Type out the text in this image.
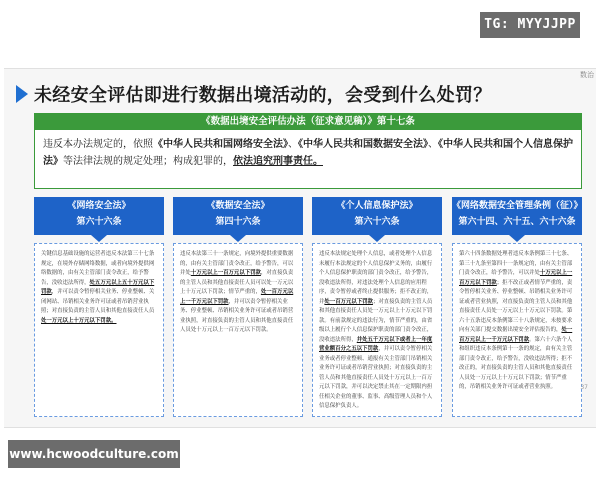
TG: MYYJJPP
数治
未经安全评估即进行数据出境活动的，会受到什么处罚？
《数据出境安全评估办法（征求意见稿）》第十七条
违反本办法规定的，依照《中华人民共和国网络安全法》、《中华人民共和国数据安全法》、《中华人民共和国个人信息保护法》等法律法规的规定处理；构成犯罪的，依法追究刑事责任。
《网络安全法》
第六十六条
关键信息基础设施的运营者违反本法第三十七条规定，在境外存储网络数据，或者向境外提供网络数据的，由有关主管部门责令改正，给予警告，没收违法所得，处五万元以上五十万元以下罚款，并可以责令暂停相关业务、停业整顿、关闭网站、吊销相关业务许可证或者吊销营业执照；对直接负责的主管人员和其他直接责任人员处一万元以上十万元以下罚款。
《数据安全法》
第四十六条
违反本法第三十一条规定，向境外提供重要数据的，由有关主管部门责令改正，给予警告，可以并处十万元以上一百万元以下罚款，对直接负责的主管人员和其他直接责任人员可以处一万元以上十万元以下罚款；情节严重的，处一百万元以上一千万元以下罚款，并可以责令暂停相关业务、停业整顿、吊销相关业务许可证或者吊销营业执照，对直接负责的主管人员和其他直接责任人员处十万元以上一百万元以下罚款。
《个人信息保护法》
第六十六条
违反本法规定处理个人信息，或者处理个人信息未履行本法规定的个人信息保护义务的，由履行个人信息保护职责的部门责令改正，给予警告，没收违法所得，对违法处理个人信息的应用程序，责令暂停或者终止提供服务；拒不改正的，并处一百万元以下罚款；对直接负责的主管人员和其他直接责任人员处一万元以上十万元以下罚款。有前款规定的违法行为，情节严重的，由省级以上履行个人信息保护职责的部门责令改正，没收违法所得，并处五千万元以下或者上一年度营业额百分之五以下罚款，并可以责令暂停相关业务或者停业整顿、通报有关主管部门吊销相关业务许可证或者吊销营业执照；对直接负责的主管人员和其他直接责任人员处十万元以上一百万元以下罚款，并可以决定禁止其在一定期限内担任相关企业的董事、监事、高级管理人员和个人信息保护负责人。
《网络数据安全管理条例（征）》
第六十四、六十五、六十六条
第六十四条数据处理者违反本条例第三十七条、第三十九条至第四十一条规定的，由有关主管部门责令改正，给予警告，可以并处十万元以上一百万元以下罚款；拒不改正或者情节严重的，责令暂停相关业务、停业整顿、吊销相关业务许可证或者营业执照，对直接负责的主管人员和其他直接责任人员处一万元以上十万元以下罚款。第六十五条违反本条例第三十八条规定，未按要求向有关部门提交数据出境安全评估报告的，处一百万元以上一千万元以下罚款。第六十六条个人和组织违反本条例第十一条的规定，由有关主管部门责令改正，给予警告，没收违法所得；拒不改正的，对直接负责的主管人员和其他直接责任人员处一万元以上十万元以下罚款；情节严重的，吊销相关业务许可证或者营业执照。	37
www.hcwoodculture.com
